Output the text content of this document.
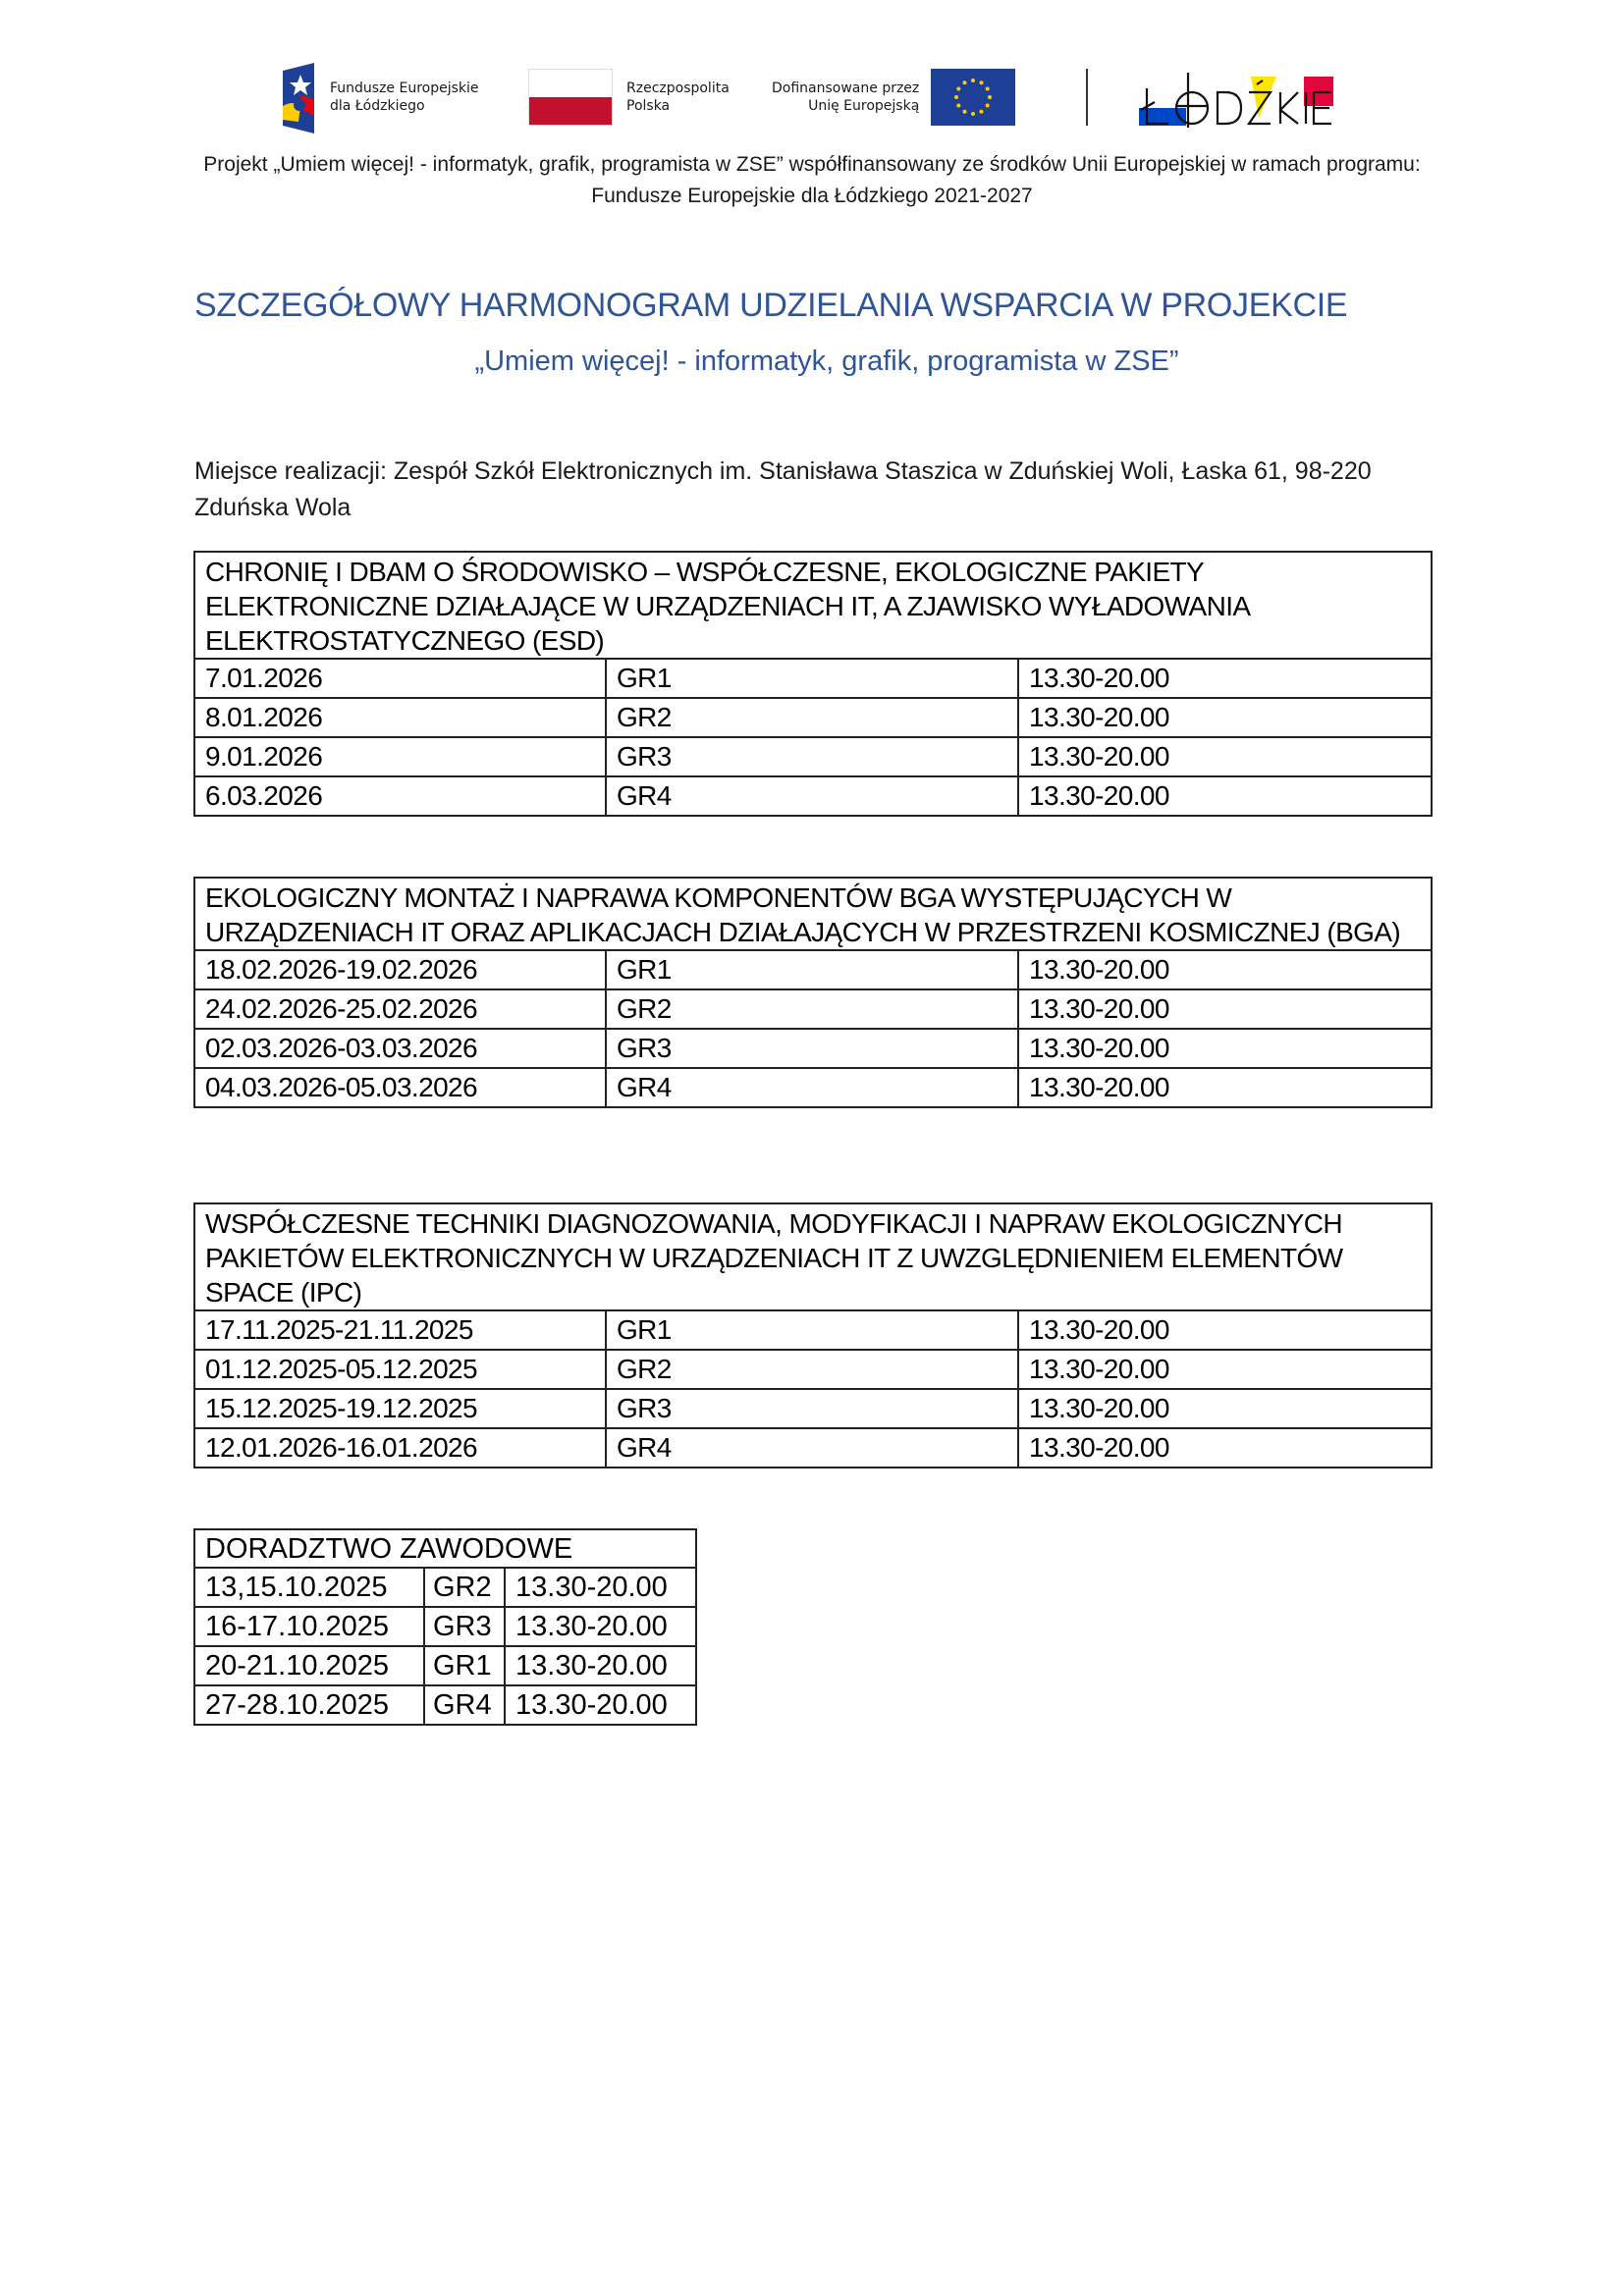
Fundusze Europejskie
dla Łódzkiego
Rzeczpospolita
Polska
Dofinansowane przez
Unię Europejską
Projekt „Umiem więcej! - informatyk, grafik, programista w ZSE” współfinansowany ze środków Unii Europejskiej w ramach programu: Fundusze Europejskie dla Łódzkiego 2021-2027
SZCZEGÓŁOWY HARMONOGRAM UDZIELANIA WSPARCIA W PROJEKCIE
„Umiem więcej! - informatyk, grafik, programista w ZSE”
Miejsce realizacji: Zespół Szkół Elektronicznych im. Stanisława Staszica w Zduńskiej Woli, Łaska 61, 98-220 Zduńska Wola
CHRONIĘ I DBAM O ŚRODOWISKO – WSPÓŁCZESNE, EKOLOGICZNE PAKIETY ELEKTRONICZNE DZIAŁAJĄCE W URZĄDZENIACH IT, A ZJAWISKO WYŁADOWANIA ELEKTROSTATYCZNEGO (ESD)		
7.01.2026	GR1	13.30-20.00
8.01.2026	GR2	13.30-20.00
9.01.2026	GR3	13.30-20.00
6.03.2026	GR4	13.30-20.00
EKOLOGICZNY MONTAŻ I NAPRAWA KOMPONENTÓW BGA WYSTĘPUJĄCYCH W URZĄDZENIACH IT ORAZ APLIKACJACH DZIAŁAJĄCYCH W PRZESTRZENI KOSMICZNEJ (BGA)		
18.02.2026-19.02.2026	GR1	13.30-20.00
24.02.2026-25.02.2026	GR2	13.30-20.00
02.03.2026-03.03.2026	GR3	13.30-20.00
04.03.2026-05.03.2026	GR4	13.30-20.00
WSPÓŁCZESNE TECHNIKI DIAGNOZOWANIA, MODYFIKACJI I NAPRAW EKOLOGICZNYCH PAKIETÓW ELEKTRONICZNYCH W URZĄDZENIACH IT Z UWZGLĘDNIENIEM ELEMENTÓW SPACE (IPC)		
17.11.2025-21.11.2025	GR1	13.30-20.00
01.12.2025-05.12.2025	GR2	13.30-20.00
15.12.2025-19.12.2025	GR3	13.30-20.00
12.01.2026-16.01.2026	GR4	13.30-20.00
DORADZTWO ZAWODOWE		
13,15.10.2025	GR2	13.30-20.00
16-17.10.2025	GR3	13.30-20.00
20-21.10.2025	GR1	13.30-20.00
27-28.10.2025	GR4	13.30-20.00
